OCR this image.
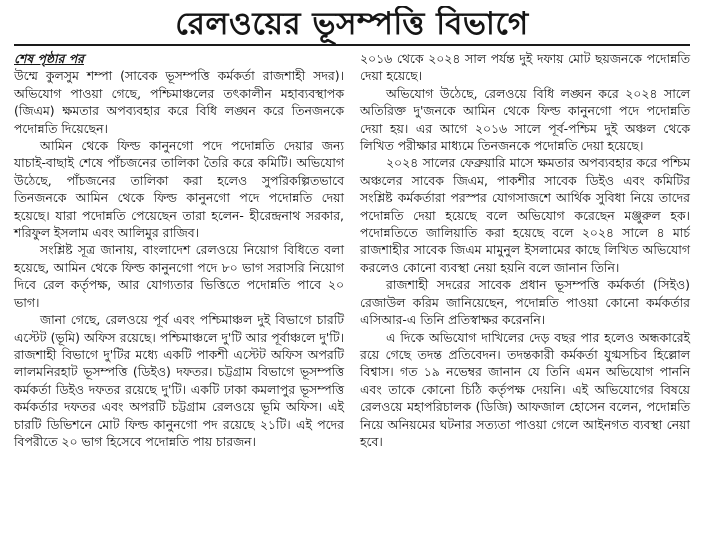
রেলওয়ের ভূসম্পত্তি বিভাগে

শেষ পৃষ্ঠার পর

উম্মে কুলসুম শম্পা (সাবেক ভূসম্পত্তি কর্মকর্তা রাজশাহী সদর)। অভিযোগ পাওয়া গেছে, পশ্চিমাঞ্চলের তৎকালীন মহাব্যবস্থাপক (জিএম) ক্ষমতার অপব্যবহার করে বিধি লঙ্ঘন করে তিনজনকে পদোন্নতি দিয়েছেন।

আমিন থেকে ফিল্ড কানুনগো পদে পদোন্নতি দেয়ার জন্য যাচাই-বাছাই শেষে পাঁচজনের তালিকা তৈরি করে কমিটি। অভিযোগ উঠেছে, পাঁচজনের তালিকা করা হলেও সুপরিকল্পিতভাবে তিনজনকে আমিন থেকে ফিল্ড কানুনগো পদে পদোন্নতি দেয়া হয়েছে। যারা পদোন্নতি পেয়েছেন তারা হলেন- হীরেন্দ্রনাথ সরকার, শরিফুল ইসলাম এবং আলিমুর রাজিব।

সংশ্লিষ্ট সূত্র জানায়, বাংলাদেশ রেলওয়ে নিয়োগ বিধিতে বলা হয়েছে, আমিন থেকে ফিল্ড কানুনগো পদে ৮০ ভাগ সরাসরি নিয়োগ দিবে রেল কর্তৃপক্ষ, আর যোগ্যতার ভিত্তিতে পদোন্নতি পাবে ২০ ভাগ।

জানা গেছে, রেলওয়ে পূর্ব এবং পশ্চিমাঞ্চল দুই বিভাগে চারটি এস্টেট (ভূমি) অফিস রয়েছে। পশ্চিমাঞ্চলে দু'টি আর পূর্বাঞ্চলে দু'টি। রাজশাহী বিভাগে দু'টির মধ্যে একটি পাকশী এস্টেট অফিস অপরটি লালমনিরহাট ভূসম্পত্তি (ডিইও) দফতর। চট্টগ্রাম বিভাগে ভূসম্পত্তি কর্মকর্তা ডিইও দফতর রয়েছে দু'টি। একটি ঢাকা কমলাপুর ভূসম্পত্তি কর্মকর্তার দফতর এবং অপরটি চট্টগ্রাম রেলওয়ে ভূমি অফিস। এই চারটি ডিভিশনে মোট ফিল্ড কানুনগো পদ রয়েছে ২১টি। এই পদের বিপরীতে ২০ ভাগ হিসেবে পদোন্নতি পায় চারজন।

২০১৬ থেকে ২০২৪ সাল পর্যন্ত দুই দফায় মোট ছয়জনকে পদোন্নতি দেয়া হয়েছে।

অভিযোগ উঠেছে, রেলওয়ে বিধি লঙ্ঘন করে ২০২৪ সালে অতিরিক্ত দু'জনকে আমিন থেকে ফিল্ড কানুনগো পদে পদোন্নতি দেয়া হয়। এর আগে ২০১৬ সালে পূর্ব-পশ্চিম দুই অঞ্চল থেকে লিখিত পরীক্ষার মাধ্যমে তিনজনকে পদোন্নতি দেয়া হয়েছে।

২০২৪ সালের ফেব্রুয়ারি মাসে ক্ষমতার অপব্যবহার করে পশ্চিম অঞ্চলের সাবেক জিএম, পাকশীর সাবেক ডিইও এবং কমিটির সংশ্লিষ্ট কর্মকর্তারা পরস্পর যোগসাজশে আর্থিক সুবিধা নিয়ে তাদের পদোন্নতি দেয়া হয়েছে বলে অভিযোগ করেছেন মঞ্জুরুল হক। পদোন্নতিতে জালিয়াতি করা হয়েছে বলে ২০২৪ সালে ৪ মার্চ রাজশাহীর সাবেক জিএম মামুনুল ইসলামের কাছে লিখিত অভিযোগ করলেও কোনো ব্যবস্থা নেয়া হয়নি বলে জানান তিনি।

রাজশাহী সদরের সাবেক প্রধান ভূসম্পত্তি কর্মকর্তা (সিইও) রেজাউল করিম জানিয়েছেন, পদোন্নতি পাওয়া কোনো কর্মকর্তার এসিআর-এ তিনি প্রতিস্বাক্ষর করেননি।

এ দিকে অভিযোগ দাখিলের দেড় বছর পার হলেও অন্ধকারেই রয়ে গেছে তদন্ত প্রতিবেদন। তদন্তকারী কর্মকর্তা যুগ্মসচিব হিল্লোল বিশ্বাস। গত ১৯ নভেম্বর জানান যে তিনি এমন অভিযোগ পাননি এবং তাকে কোনো চিঠি কর্তৃপক্ষ দেয়নি। এই অভিযোগের বিষয়ে রেলওয়ে মহাপরিচালক (ডিজি) আফজাল হোসেন বলেন, পদোন্নতি নিয়ে অনিয়মের ঘটনার সত্যতা পাওয়া গেলে আইনগত ব্যবস্থা নেয়া হবে।
